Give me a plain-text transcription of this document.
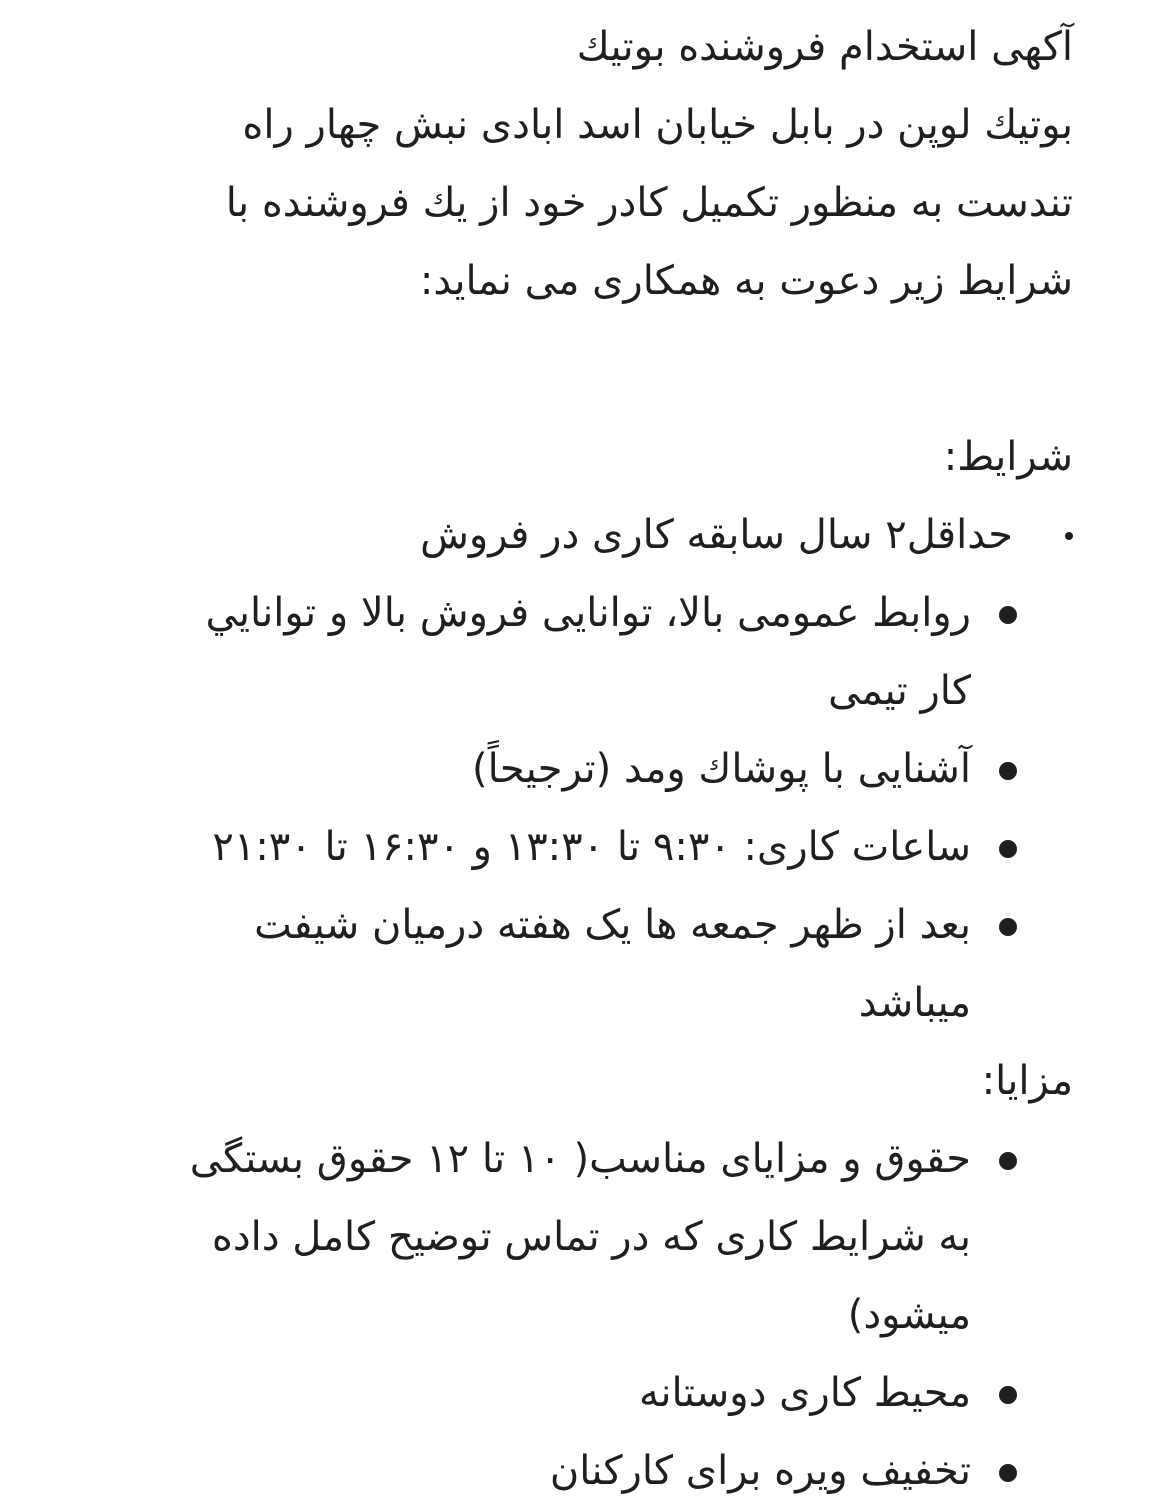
آکهی استخدام فروشنده بوتیك

بوتیك لوپن در بابل خیابان اسد ابادی نبش چهار راه

تندست به منظور تکمیل کادر خود از یك فروشنده با

شرایط زیر دعوت به همکاری می نماید:

شرایط:

حداقل۲ سال سابقه کاری در فروش
روابط عمومی بالا، توانایی فروش بالا و توانايي
کار تیمی
آشنایی با پوشاك ومد (ترجیحاً)
ساعات کاری: ۹:۳۰ تا ۱۳:۳۰ و ۱۶:۳۰ تا ۲۱:۳۰
بعد از ظهر جمعه ها یک هفته درمیان شیفت
میباشد

مزایا:

حقوق و مزایای مناسب( ۱۰ تا ۱۲ حقوق بستگی
به شرایط کاری که در تماس توضیح کامل داده
میشود)
محیط کاری دوستانه
تخفیف ویره برای کارکنان
